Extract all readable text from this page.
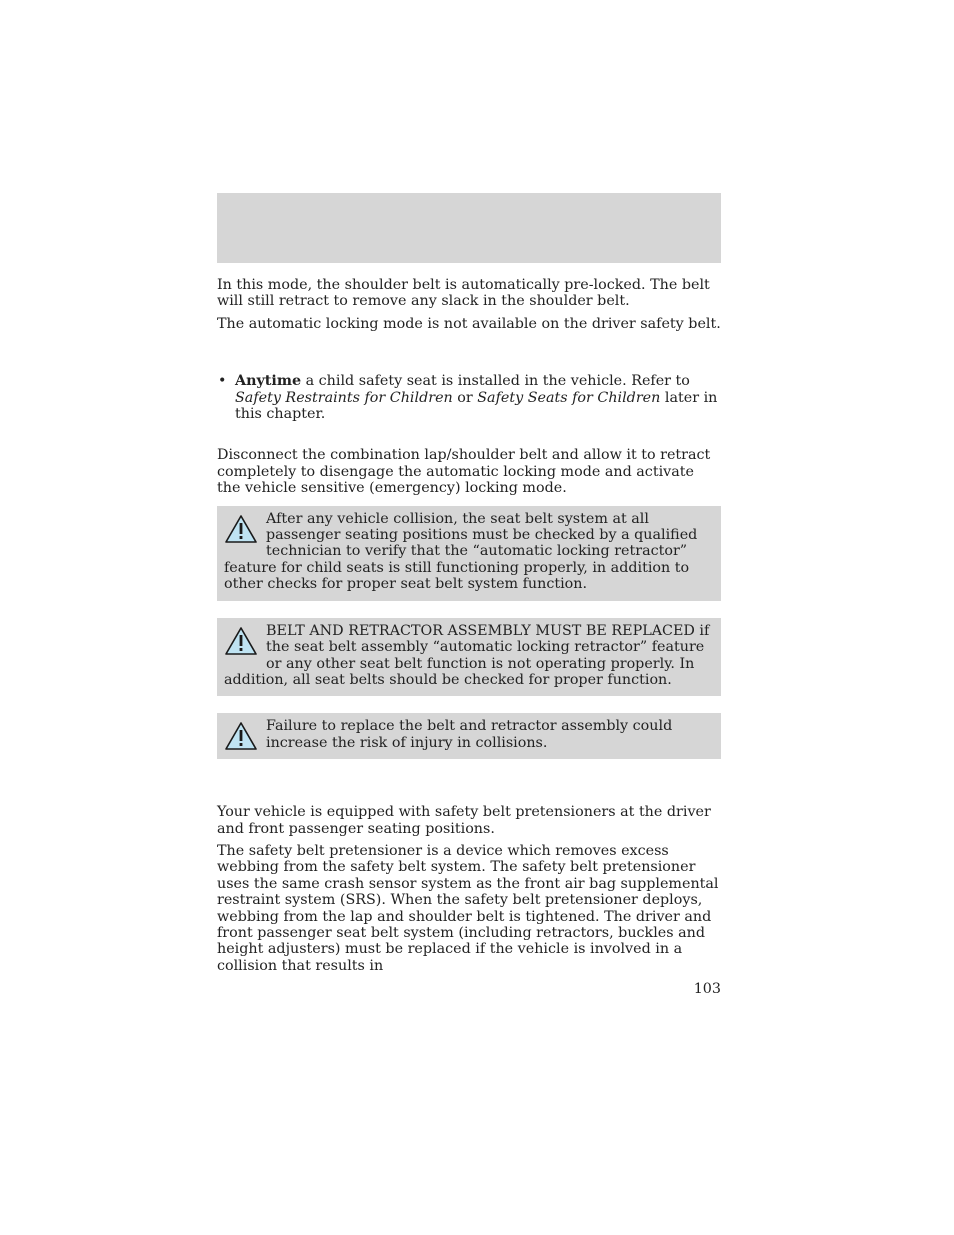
In this mode, the shoulder belt is automatically pre-locked. The belt will still retract to remove any slack in the shoulder belt.

The automatic locking mode is not available on the driver safety belt.

• Anytime a child safety seat is installed in the vehicle. Refer to Safety Restraints for Children or Safety Seats for Children later in this chapter.

Disconnect the combination lap/shoulder belt and allow it to retract completely to disengage the automatic locking mode and activate the vehicle sensitive (emergency) locking mode.

After any vehicle collision, the seat belt system at all passenger seating positions must be checked by a qualified technician to verify that the “automatic locking retractor” feature for child seats is still functioning properly, in addition to other checks for proper seat belt system function.

BELT AND RETRACTOR ASSEMBLY MUST BE REPLACED if the seat belt assembly “automatic locking retractor” feature or any other seat belt function is not operating properly. In addition, all seat belts should be checked for proper function.

Failure to replace the belt and retractor assembly could increase the risk of injury in collisions.

Your vehicle is equipped with safety belt pretensioners at the driver and front passenger seating positions.

The safety belt pretensioner is a device which removes excess webbing from the safety belt system. The safety belt pretensioner uses the same crash sensor system as the front air bag supplemental restraint system (SRS). When the safety belt pretensioner deploys, webbing from the lap and shoulder belt is tightened. The driver and front passenger seat belt system (including retractors, buckles and height adjusters) must be replaced if the vehicle is involved in a collision that results in

103
